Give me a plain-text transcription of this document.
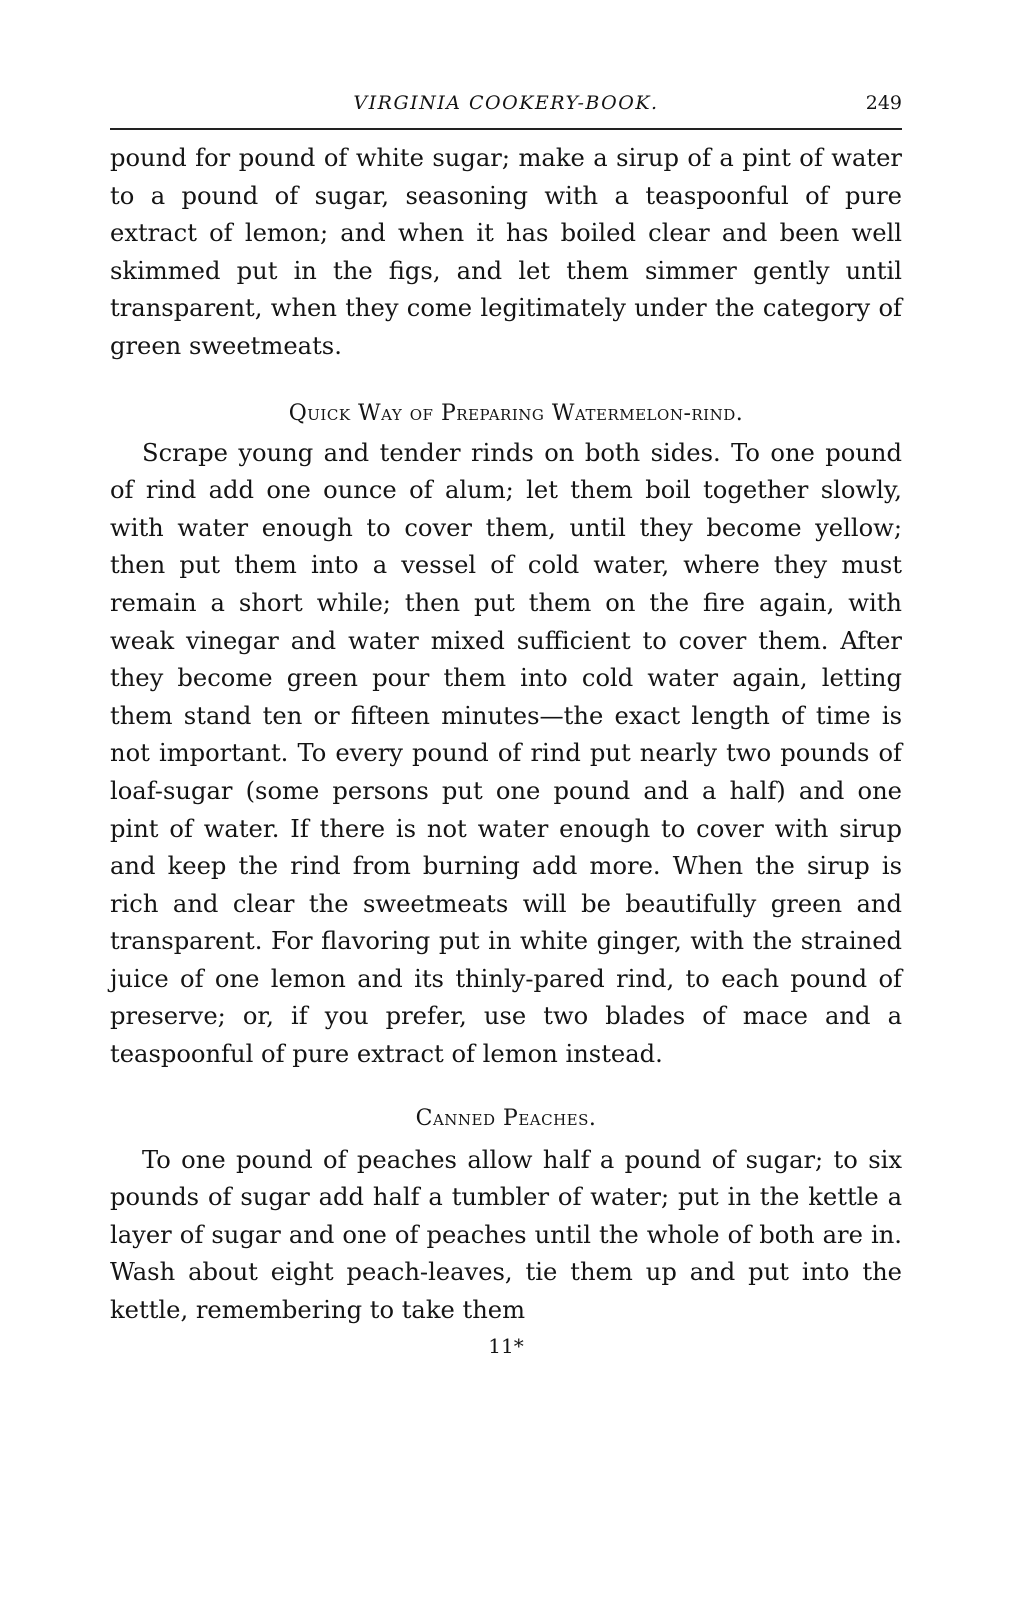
VIRGINIA COOKERY-BOOK.	249

pound for pound of white sugar; make a sirup of a pint of water to a pound of sugar, seasoning with a teaspoonful of pure extract of lemon; and when it has boiled clear and been well skimmed put in the figs, and let them simmer gently until transparent, when they come legitimately under the category of green sweetmeats.

Quick Way of Preparing Watermelon-rind.

Scrape young and tender rinds on both sides. To one pound of rind add one ounce of alum; let them boil together slowly, with water enough to cover them, until they become yellow; then put them into a vessel of cold water, where they must remain a short while; then put them on the fire again, with weak vinegar and water mixed sufficient to cover them. After they become green pour them into cold water again, letting them stand ten or fifteen minutes—the exact length of time is not important. To every pound of rind put nearly two pounds of loaf-sugar (some persons put one pound and a half) and one pint of water. If there is not water enough to cover with sirup and keep the rind from burning add more. When the sirup is rich and clear the sweetmeats will be beautifully green and transparent. For flavoring put in white ginger, with the strained juice of one lemon and its thinly-pared rind, to each pound of preserve; or, if you prefer, use two blades of mace and a teaspoonful of pure extract of lemon instead.

Canned Peaches.

To one pound of peaches allow half a pound of sugar; to six pounds of sugar add half a tumbler of water; put in the kettle a layer of sugar and one of peaches until the whole of both are in. Wash about eight peach-leaves, tie them up and put into the kettle, remembering to take them

11*
